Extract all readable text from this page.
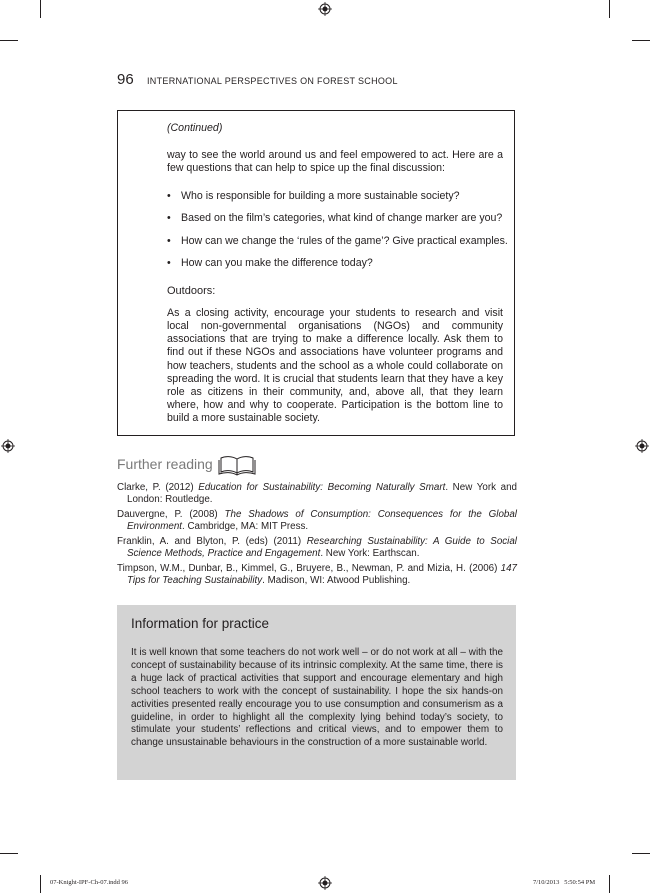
96 INTERNATIONAL PERSPECTIVES ON FOREST SCHOOL

(Continued)

way to see the world around us and feel empowered to act. Here are a few questions that can help to spice up the final discussion:

• Who is responsible for building a more sustainable society?
• Based on the film’s categories, what kind of change marker are you?
• How can we change the ‘rules of the game’? Give practical examples.
• How can you make the difference today?

Outdoors:

As a closing activity, encourage your students to research and visit local non-governmental organisations (NGOs) and community associations that are trying to make a difference locally. Ask them to find out if these NGOs and associations have volunteer programs and how teachers, students and the school as a whole could collaborate on spreading the word. It is crucial that students learn that they have a key role as citizens in their community, and, above all, that they learn where, how and why to cooperate. Participation is the bottom line to build a more sustainable society.

Further reading

Clarke, P. (2012) Education for Sustainability: Becoming Naturally Smart. New York and London: Routledge.

Dauvergne, P. (2008) The Shadows of Consumption: Consequences for the Global Environment. Cambridge, MA: MIT Press.

Franklin, A. and Blyton, P. (eds) (2011) Researching Sustainability: A Guide to Social Science Methods, Practice and Engagement. New York: Earthscan.

Timpson, W.M., Dunbar, B., Kimmel, G., Bruyere, B., Newman, P. and Mizia, H. (2006) 147 Tips for Teaching Sustainability. Madison, WI: Atwood Publishing.

Information for practice

It is well known that some teachers do not work well – or do not work at all – with the concept of sustainability because of its intrinsic complexity. At the same time, there is a huge lack of practical activities that support and encourage elementary and high school teachers to work with the concept of sustainability. I hope the six hands-on activities presented really encourage you to use consumption and consumerism as a guideline, in order to highlight all the complexity lying behind today’s society, to stimulate your students’ reflections and critical views, and to empower them to change unsustainable behaviours in the construction of a more sustainable world.

07-Knight-IPF-Ch-07.indd 96	7/10/2013   5:50:54 PM
